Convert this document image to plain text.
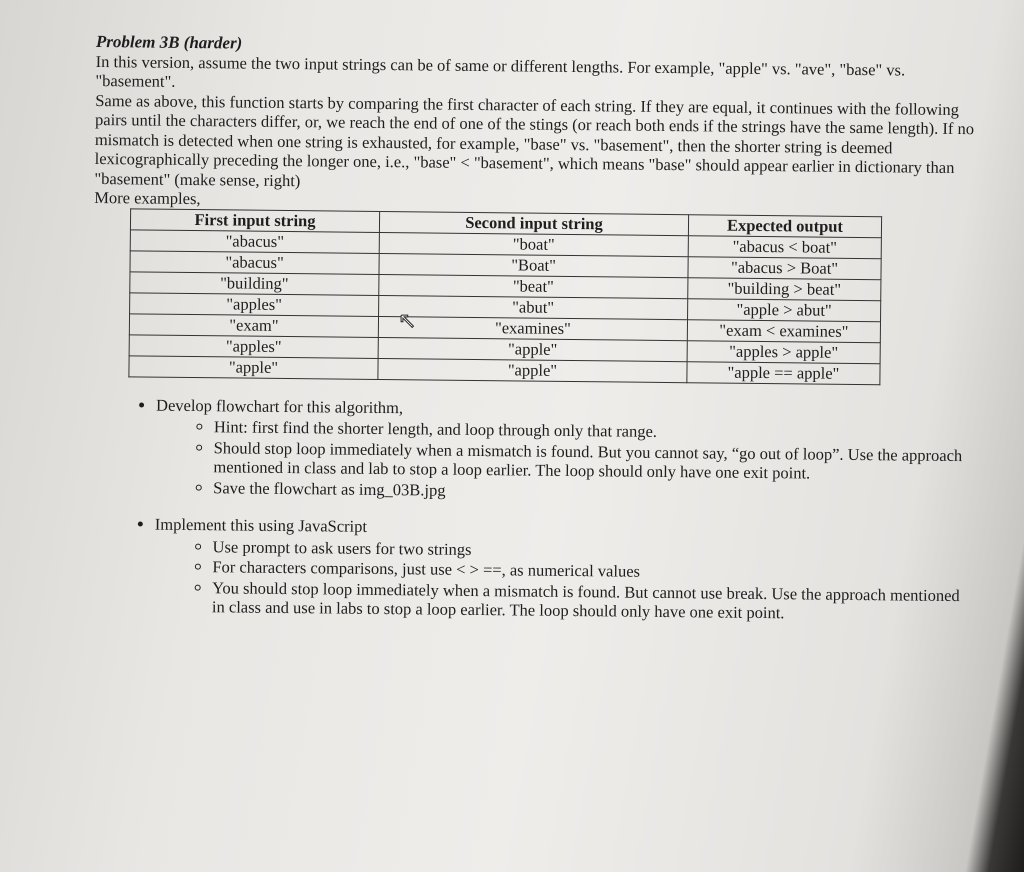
Problem 3B (harder)

In this version, assume the two input strings can be of same or different lengths. For example, "apple" vs. "ave", "base" vs. "basement".

Same as above, this function starts by comparing the first character of each string. If they are equal, it continues with the following pairs until the characters differ, or, we reach the end of one of the stings (or reach both ends if the strings have the same length). If no mismatch is detected when one string is exhausted, for example, "base" vs. "basement", then the shorter string is deemed lexicographically preceding the longer one, i.e., "base" < "basement", which means "base" should appear earlier in dictionary than "basement" (make sense, right)

More examples,

First input string	Second input string	Expected output
"abacus"	"boat"	"abacus < boat"
"abacus"	"Boat"	"abacus > Boat"
"building"	"beat"	"building > beat"
"apples"	"abut"	"apple > abut"
"exam"	"examines"	"exam < examines"
"apples"	"apple"	"apples > apple"
"apple"	"apple"	"apple == apple"
• Develop flowchart for this algorithm,
◦ Hint: first find the shorter length, and loop through only that range.
◦ Should stop loop immediately when a mismatch is found. But you cannot say, “go out of loop”. Use the approach mentioned in class and lab to stop a loop earlier. The loop should only have one exit point.
◦ Save the flowchart as img_03B.jpg
• Implement this using JavaScript
◦ Use prompt to ask users for two strings
◦ For characters comparisons, just use < > ==, as numerical values
◦ You should stop loop immediately when a mismatch is found. But cannot use break. Use the approach mentioned in class and use in labs to stop a loop earlier. The loop should only have one exit point.
↖
